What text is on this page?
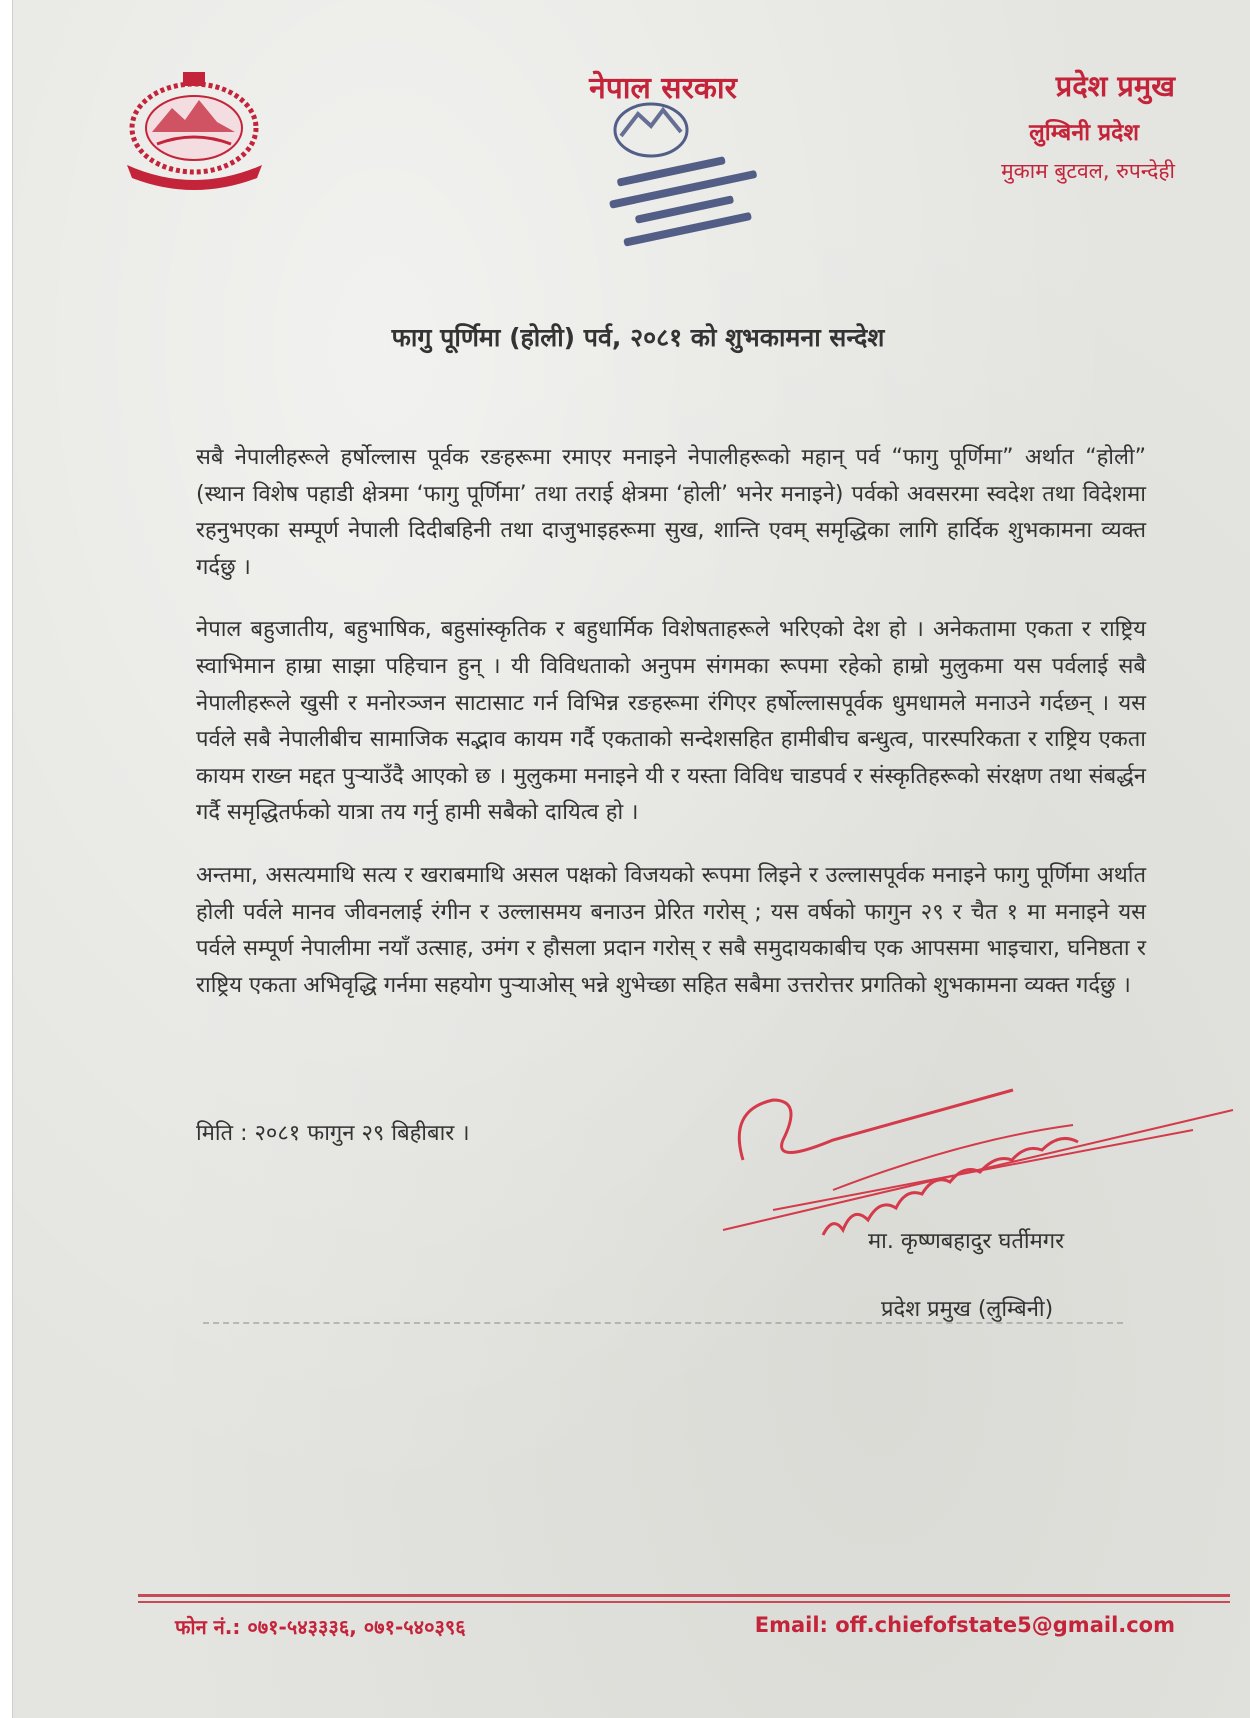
नेपाल सरकार	प्रदेश प्रमुख
लुम्बिनी प्रदेश
मुकाम बुटवल, रुपन्देही
फागु पूर्णिमा (होली) पर्व, २०८१ को शुभकामना सन्देश

सबै नेपालीहरूले हर्षोल्लास पूर्वक रङहरूमा रमाएर मनाइने नेपालीहरूको महान् पर्व “फागु पूर्णिमा” अर्थात “होली” (स्थान विशेष पहाडी क्षेत्रमा ‘फागु पूर्णिमा’ तथा तराई क्षेत्रमा ‘होली’ भनेर मनाइने) पर्वको अवसरमा स्वदेश तथा विदेशमा रहनुभएका सम्पूर्ण नेपाली दिदीबहिनी तथा दाजुभाइहरूमा सुख, शान्ति एवम् समृद्धिका लागि हार्दिक शुभकामना व्यक्त गर्दछु ।

नेपाल बहुजातीय, बहुभाषिक, बहुसांस्कृतिक र बहुधार्मिक विशेषताहरूले भरिएको देश हो । अनेकतामा एकता र राष्ट्रिय स्वाभिमान हाम्रा साझा पहिचान हुन् । यी विविधताको अनुपम संगमका रूपमा रहेको हाम्रो मुलुकमा यस पर्वलाई सबै नेपालीहरूले खुसी र मनोरञ्जन साटासाट गर्न विभिन्न रङहरूमा रंगिएर हर्षोल्लासपूर्वक धुमधामले मनाउने गर्दछन् । यस पर्वले सबै नेपालीबीच सामाजिक सद्भाव कायम गर्दै एकताको सन्देशसहित हामीबीच बन्धुत्व, पारस्परिकता र राष्ट्रिय एकता कायम राख्न मद्दत पुऱ्याउँदै आएको छ । मुलुकमा मनाइने यी र यस्ता विविध चाडपर्व र संस्कृतिहरूको संरक्षण तथा संबर्द्धन गर्दै समृद्धितर्फको यात्रा तय गर्नु हामी सबैको दायित्व हो ।

अन्तमा, असत्यमाथि सत्य र खराबमाथि असल पक्षको विजयको रूपमा लिइने र उल्लासपूर्वक मनाइने फागु पूर्णिमा अर्थात होली पर्वले मानव जीवनलाई रंगीन र उल्लासमय बनाउन प्रेरित गरोस् ; यस वर्षको फागुन २९ र चैत १ मा मनाइने यस पर्वले सम्पूर्ण नेपालीमा नयाँ उत्साह, उमंग र हौसला प्रदान गरोस् र सबै समुदायकाबीच एक आपसमा भाइचारा, घनिष्ठता र राष्ट्रिय एकता अभिवृद्धि गर्नमा सहयोग पुऱ्याओस् भन्ने शुभेच्छा सहित सबैमा उत्तरोत्तर प्रगतिको शुभकामना व्यक्त गर्दछु ।

मिति : २०८१ फागुन २९ बिहीबार ।
मा. कृष्णबहादुर घर्तीमगर
प्रदेश प्रमुख (लुम्बिनी)
फोन नं.: ०७१-५४३३३६, ०७१-५४०३९६	Email: off.chiefofstate5@gmail.com
